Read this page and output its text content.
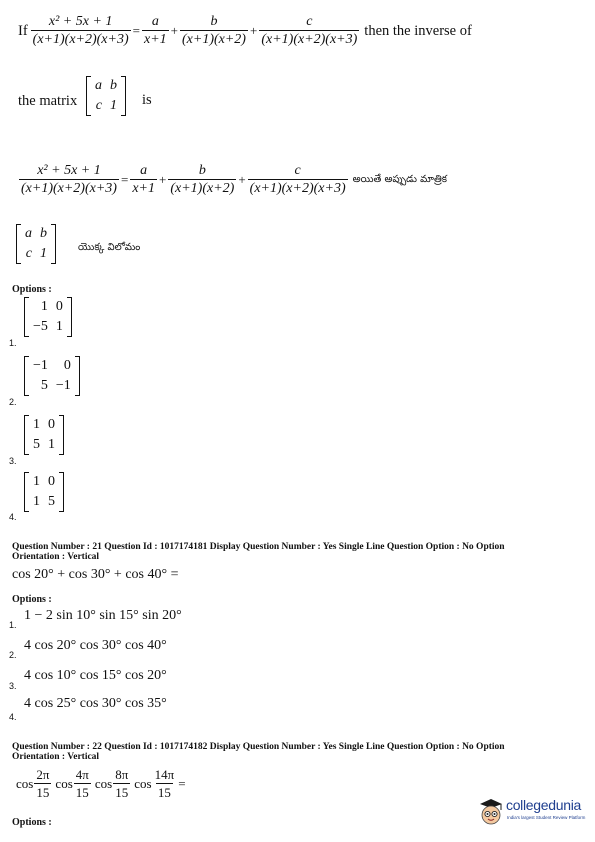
If $\frac{\text{x² + 5x + 1}}{(x+1)(x+2)(x+3)} = \frac{a}{x+1} + \frac{b}{(x+1)(x+2)} + \frac{c}{(x+1)(x+2)(x+3)}$ then the inverse of
the matrix
a	b
c	1 is
$\frac{\text{x² + 5x + 1}}{(x+1)(x+2)(x+3)} = \frac{a}{x+1} + \frac{b}{(x+1)(x+2)} + \frac{c}{(x+1)(x+2)(x+3)}$ అయితే అప్పుడు మాత్రిక
a	b
c	1	యొక్క విలోమం
Options :
1.
1	0
−5	1
2.
−1	0
5	−1
3.
1	0
5	1
4.
1	0
1	5
Question Number : 21 Question Id : 1017174181 Display Question Number : Yes Single Line Question Option : No Option
Orientation : Vertical
cos 20° + cos 30° + cos 40° =
Options :
1.
1 − 2 sin 10° sin 15° sin 20°
2.
4 cos 20° cos 30° cos 40°
3.
4 cos 10° cos 15° cos 20°
4.
4 cos 25° cos 30° cos 35°
Question Number : 22 Question Id : 1017174182 Display Question Number : Yes Single Line Question Option : No Option
Orientation : Vertical
$\cos \frac{2\pi}{15}$ $\cos \frac{4\pi}{15}$ $\cos \frac{8\pi}{15}$ $\cos \frac{14\pi}{15}$ =
Options :
collegedunia
India's largest Student Review Platform
